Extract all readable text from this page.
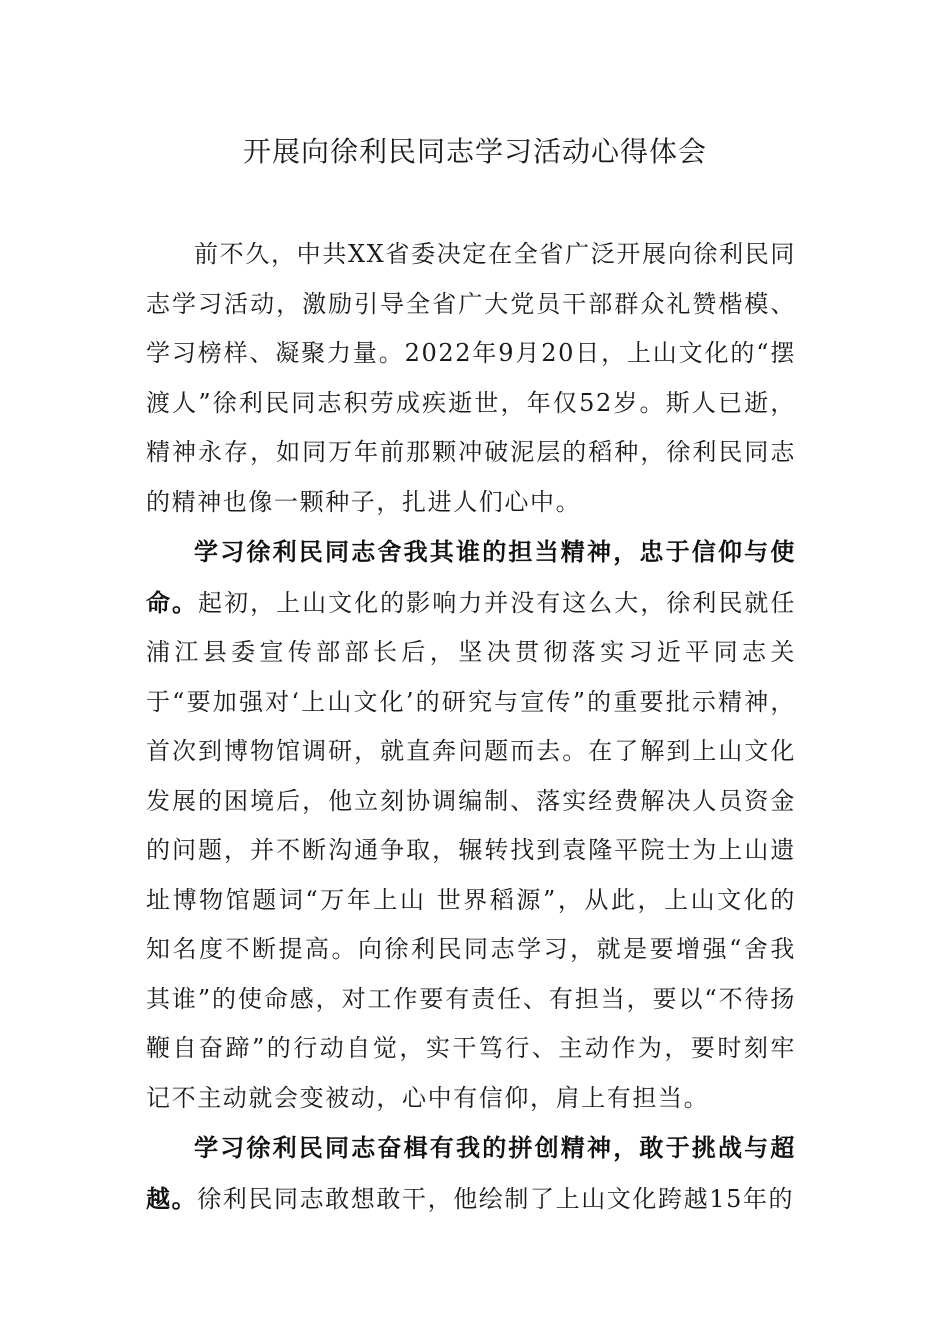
开展向徐利民同志学习活动心得体会

前不久，中共XX省委决定在全省广泛开展向徐利民同志学习活动，激励引导全省广大党员干部群众礼赞楷模、学习榜样、凝聚力量。2022年9月20日，上山文化的“摆渡人”徐利民同志积劳成疾逝世，年仅52岁。斯人已逝，精神永存，如同万年前那颗冲破泥层的稻种，徐利民同志的精神也像一颗种子，扎进人们心中。

学习徐利民同志舍我其谁的担当精神，忠于信仰与使命。起初，上山文化的影响力并没有这么大，徐利民就任浦江县委宣传部部长后，坚决贯彻落实习近平同志关于“要加强对‘上山文化’的研究与宣传”的重要批示精神，首次到博物馆调研，就直奔问题而去。在了解到上山文化发展的困境后，他立刻协调编制、落实经费解决人员资金的问题，并不断沟通争取，辗转找到袁隆平院士为上山遗址博物馆题词“万年上山 世界稻源”，从此，上山文化的知名度不断提高。向徐利民同志学习，就是要增强“舍我其谁”的使命感，对工作要有责任、有担当，要以“不待扬鞭自奋蹄”的行动自觉，实干笃行、主动作为，要时刻牢记不主动就会变被动，心中有信仰，肩上有担当。

学习徐利民同志奋楫有我的拼创精神，敢于挑战与超越。徐利民同志敢想敢干，他绘制了上山文化跨越15年的
